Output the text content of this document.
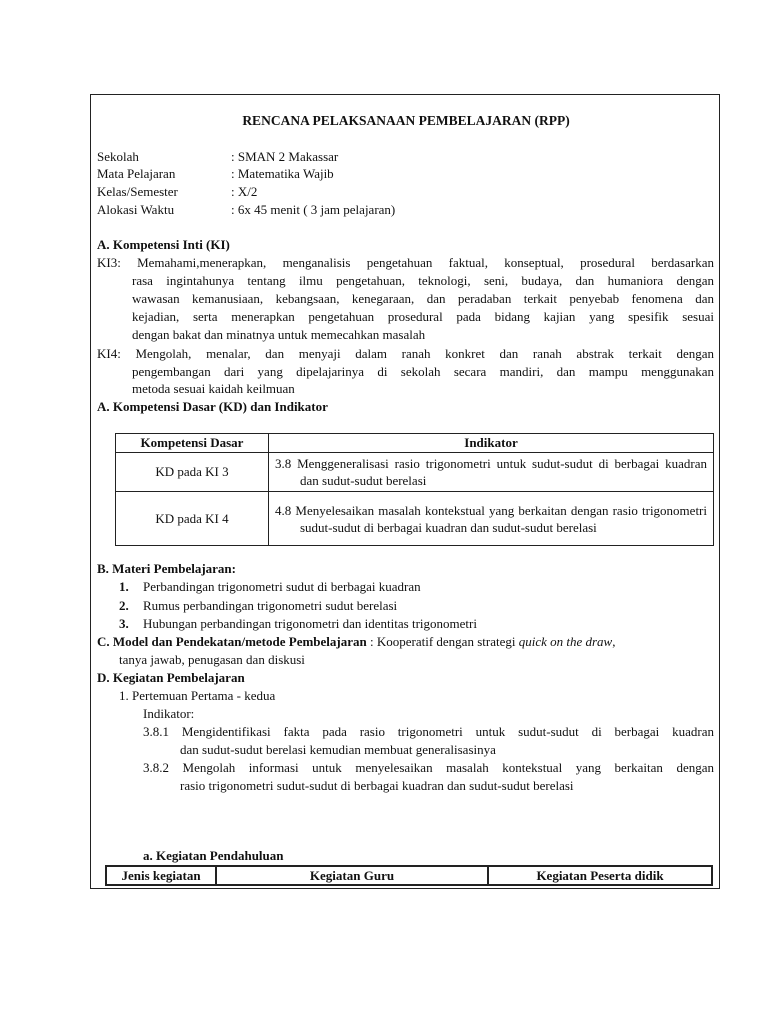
RENCANA PELAKSANAAN PEMBELAJARAN (RPP)
Sekolah	: SMAN 2 Makassar
Mata Pelajaran	: Matematika Wajib
Kelas/Semester	: X/2
Alokasi Waktu	: 6x 45 menit ( 3 jam pelajaran)
A. Kompetensi Inti (KI)
KI3: Memahami,menerapkan, menganalisis pengetahuan faktual, konseptual, prosedural berdasarkan
rasa ingintahunya tentang ilmu pengetahuan, teknologi, seni, budaya, dan humaniora dengan
wawasan kemanusiaan, kebangsaan, kenegaraan, dan peradaban terkait penyebab fenomena dan
kejadian, serta menerapkan pengetahuan prosedural pada bidang kajian yang spesifik sesuai
dengan bakat dan minatnya untuk memecahkan masalah
KI4: Mengolah, menalar, dan menyaji dalam ranah konkret dan ranah abstrak terkait dengan
pengembangan dari yang dipelajarinya di sekolah secara mandiri, dan mampu menggunakan
metoda sesuai kaidah keilmuan
A. Kompetensi Dasar (KD) dan Indikator
Kompetensi Dasar	Indikator
KD pada KI 3	3.8 Menggeneralisasi rasio trigonometri untuk sudut-sudut di berbagai kuadran dan sudut-sudut berelasi

KD pada KI 4	4.8 Menyelesaikan masalah kontekstual yang berkaitan dengan rasio trigonometri sudut-sudut di berbagai kuadran dan sudut-sudut berelasi
B. Materi Pembelajaran:
1. Perbandingan trigonometri sudut di berbagai kuadran
2. Rumus perbandingan trigonometri sudut berelasi
3. Hubungan perbandingan trigonometri dan identitas trigonometri
C. Model dan Pendekatan/metode Pembelajaran : Kooperatif dengan strategi quick on the draw,
tanya jawab, penugasan dan diskusi
D. Kegiatan Pembelajaran
1. Pertemuan Pertama - kedua
Indikator:
3.8.1 Mengidentifikasi fakta pada rasio trigonometri untuk sudut-sudut di berbagai kuadran
dan sudut-sudut berelasi kemudian membuat generalisasinya
3.8.2 Mengolah informasi untuk menyelesaikan masalah kontekstual yang berkaitan dengan
rasio trigonometri sudut-sudut di berbagai kuadran dan sudut-sudut berelasi
a. Kegiatan Pendahuluan
Jenis kegiatan	Kegiatan Guru	Kegiatan Peserta didik
